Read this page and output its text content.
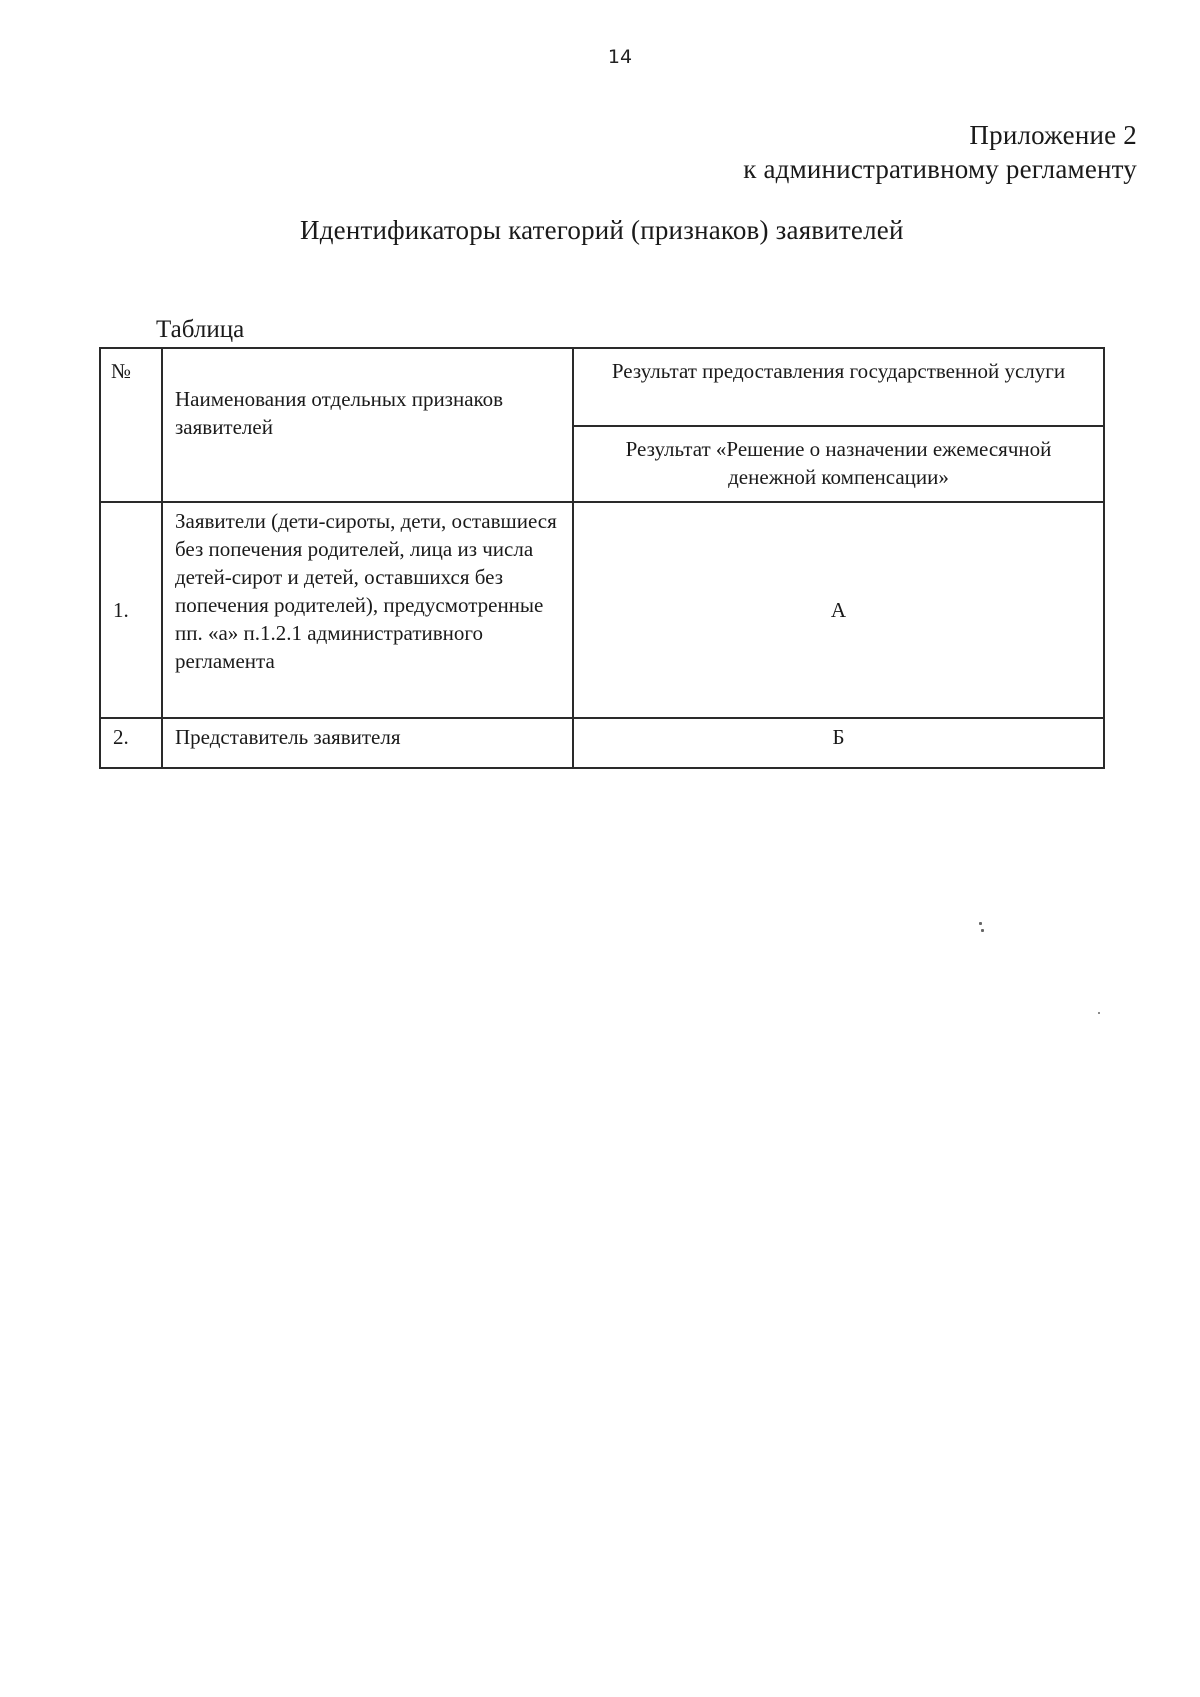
14
Приложение 2
к административному регламенту
Идентификаторы категорий (признаков) заявителей
Таблица
№	Наименования отдельных признаков заявителей	Результат предоставления государственной услуги
		Результат «Решение о назначении ежемесячной денежной компенсации»
1.	Заявители (дети-сироты, дети, оставшиеся без попечения родителей, лица из числа детей-сирот и детей, оставшихся без попечения родителей), предусмотренные пп. «а» п.1.2.1 административного регламента	А
2.	Представитель заявителя	Б
